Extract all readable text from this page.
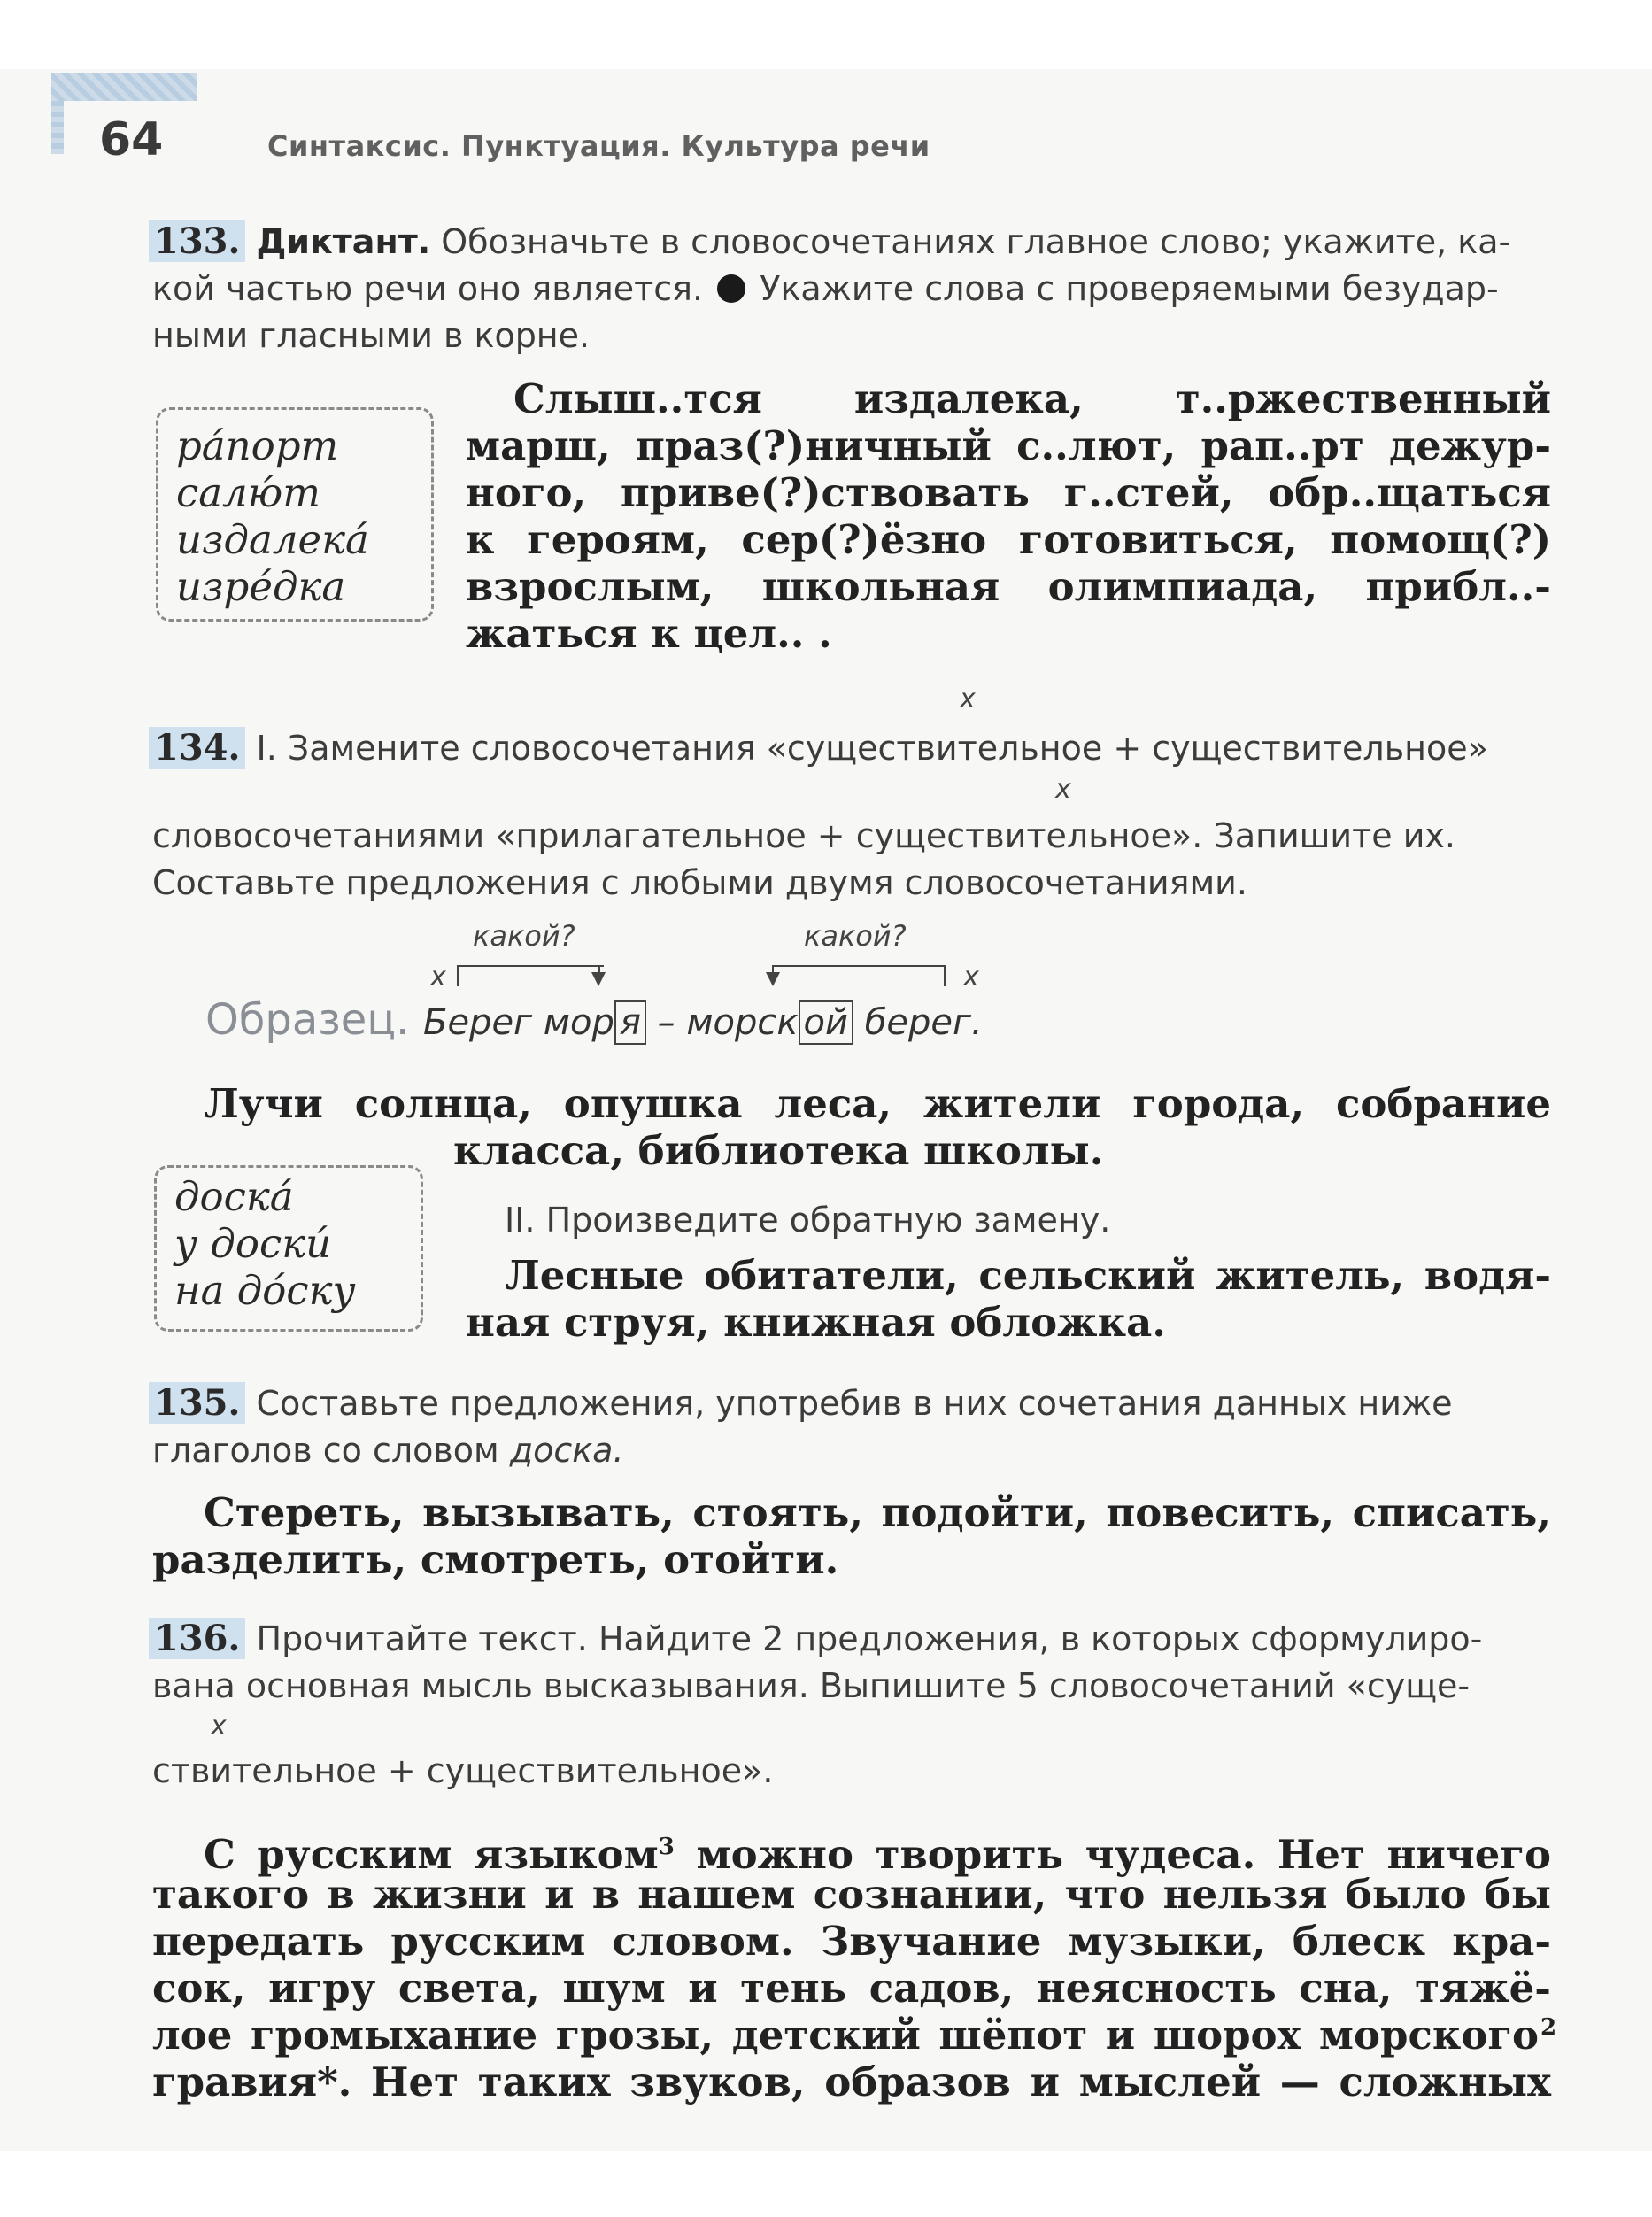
64	Синтаксис. Пунктуация. Культура речи
133. Диктант. Обозначьте в словосочетаниях главное слово; укажите, ка-
кой частью речи оно является.  Укажите слова с проверяемыми безудар-
ными гласными в корне.
ра́порт
салю́т
издалека́
изре́дка
Слыш..тся издалека, т..ржественный
марш, праз(?)ничный с..лют, рап..рт дежур-
ного, приве(?)ствовать г..стей, обр..щаться
к героям, сер(?)ёзно готовиться, помощ(?)
взрослым, школьная олимпиада, прибл..-
жаться к цел.. .
x
134. I. Замените словосочетания «существительное + существительное»
x
словосочетаниями «прилагательное + существительное». Запишите их.
Составьте предложения с любыми двумя словосочетаниями.
какой?	какой?
x	x
Образец. Берег мор я – морск ой берег.
Лучи солнца, опушка леса, жители города, собрание
класса, библиотека школы.
доска́
у доски́
на до́ску
II. Произведите обратную замену.
Лесные обитатели, сельский житель, водя-
ная струя, книжная обложка.
135. Составьте предложения, употребив в них сочетания данных ниже
глаголов со словом доска.
Стереть, вызывать, стоять, подойти, повесить, списать,
разделить, смотреть, отойти.
136. Прочитайте текст. Найдите 2 предложения, в которых сформулиро-
вана основная мысль высказывания. Выпишите 5 словосочетаний «суще-
x
ствительное + существительное».
С русским языком$^3$ можно творить чудеса. Нет ничего
такого в жизни и в нашем сознании, что нельзя было бы
передать русским словом. Звучание музыки, блеск кра-
сок, игру света, шум и тень садов, неясность сна, тяжё-
лое громыхание грозы, детский шёпот и шорох морского 2
гравия*. Нет таких звуков, образов и мыслей — сложных
